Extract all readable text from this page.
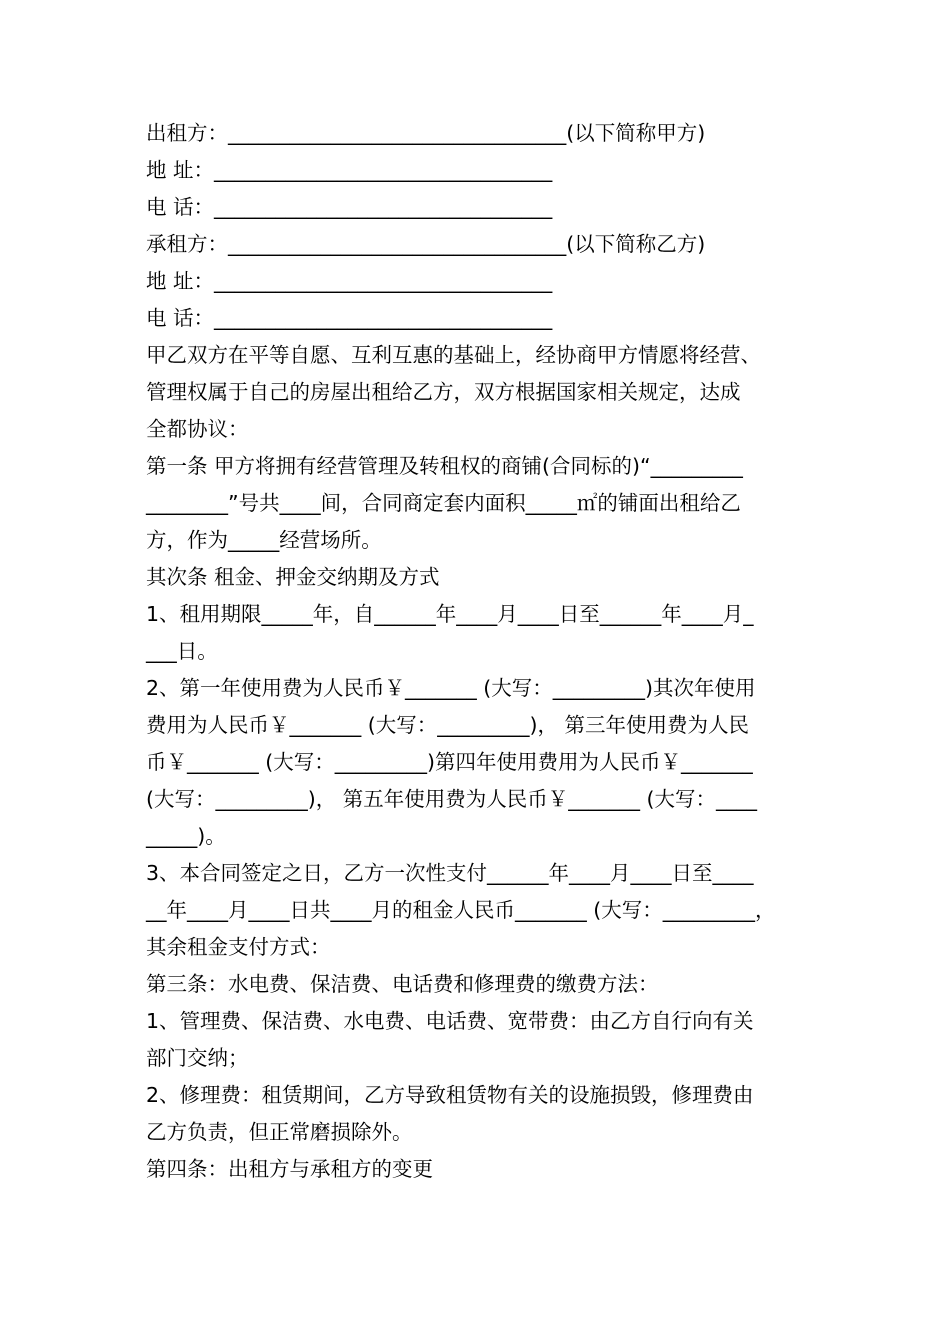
出租方：_________________________________(以下简称甲方)
地 址：_________________________________
电 话：_________________________________
承租方：_________________________________(以下简称乙方)
地 址：_________________________________
电 话：_________________________________
甲乙双方在平等自愿、互利互惠的基础上，经协商甲方情愿将经营、
管理权属于自己的房屋出租给乙方，双方根据国家相关规定，达成
全都协议：
第一条 甲方将拥有经营管理及转租权的商铺(合同标的)“_________
________”号共____间，合同商定套内面积_____㎡的铺面出租给乙
方，作为_____经营场所。
其次条 租金、押金交纳期及方式
1、租用期限_____年，自______年____月____日至______年____月_
___日。
2、第一年使用费为人民币￥_______ (大写：_________)其次年使用
费用为人民币￥_______ (大写：_________)， 第三年使用费为人民
币￥_______ (大写：_________)第四年使用费用为人民币￥_______
(大写：_________)， 第五年使用费为人民币￥_______ (大写：____
_____)。
3、本合同签定之日，乙方一次性支付______年____月____日至____
__年____月____日共____月的租金人民币_______ (大写：_________，
其余租金支付方式：
第三条：水电费、保洁费、电话费和修理费的缴费方法：
1、管理费、保洁费、水电费、电话费、宽带费：由乙方自行向有关
部门交纳；
2、修理费：租赁期间，乙方导致租赁物有关的设施损毁，修理费由
乙方负责，但正常磨损除外。
第四条：出租方与承租方的变更
